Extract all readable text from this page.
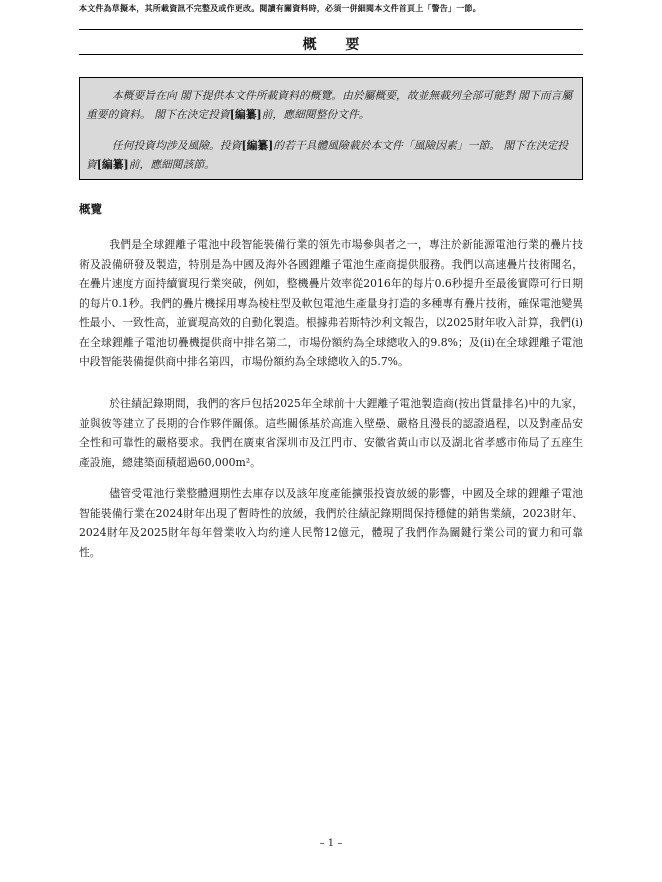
本文件為草擬本，其所載資訊不完整及或作更改。閱讀有關資料時，必須一併細閱本文件首頁上「警告」一節。
概 要

本概要旨在向 閣下提供本文件所載資料的概覽。由於屬概要，故並無載列全部可能對 閣下而言屬重要的資料。 閣下在決定投資[編纂]前，應細閱整份文件。

任何投資均涉及風險。投資[編纂]的若干具體風險載於本文件「風險因素」一節。 閣下在決定投資[編纂]前，應細閱該節。

概覽

我們是全球鋰離子電池中段智能裝備行業的領先市場參與者之一，專注於新能源電池行業的疊片技術及設備研發及製造，特別是為中國及海外各國鋰離子電池生產商提供服務。我們以高速疊片技術聞名，在疊片速度方面持續實現行業突破，例如，整機疊片效率從2016年的每片0.6秒提升至最後實際可行日期的每片0.1秒。我們的疊片機採用專為棱柱型及軟包電池生產量身打造的多種專有疊片技術，確保電池變異性最小、一致性高，並實現高效的自動化製造。根據弗若斯特沙利文報告，以2025財年收入計算，我們(i)在全球鋰離子電池切疊機提供商中排名第二，市場份額約為全球總收入的9.8%；及(ii)在全球鋰離子電池中段智能裝備提供商中排名第四，市場份額約為全球總收入的5.7%。

於往績記錄期間，我們的客戶包括2025年全球前十大鋰離子電池製造商(按出貨量排名)中的九家，並與彼等建立了長期的合作夥伴關係。這些關係基於高進入壁壘、嚴格且漫長的認證過程，以及對產品安全性和可靠性的嚴格要求。我們在廣東省深圳市及江門市、安徽省黃山市以及湖北省孝感市佈局了五座生產設施，總建築面積超過60,000m²。

儘管受電池行業整體週期性去庫存以及該年度產能擴張投資放緩的影響，中國及全球的鋰離子電池智能裝備行業在2024財年出現了暫時性的放緩，我們於往績記錄期間保持穩健的銷售業績，2023財年、2024財年及2025財年每年營業收入均約達人民幣12億元，體現了我們作為關鍵行業公司的實力和可靠性。

– 1 –
